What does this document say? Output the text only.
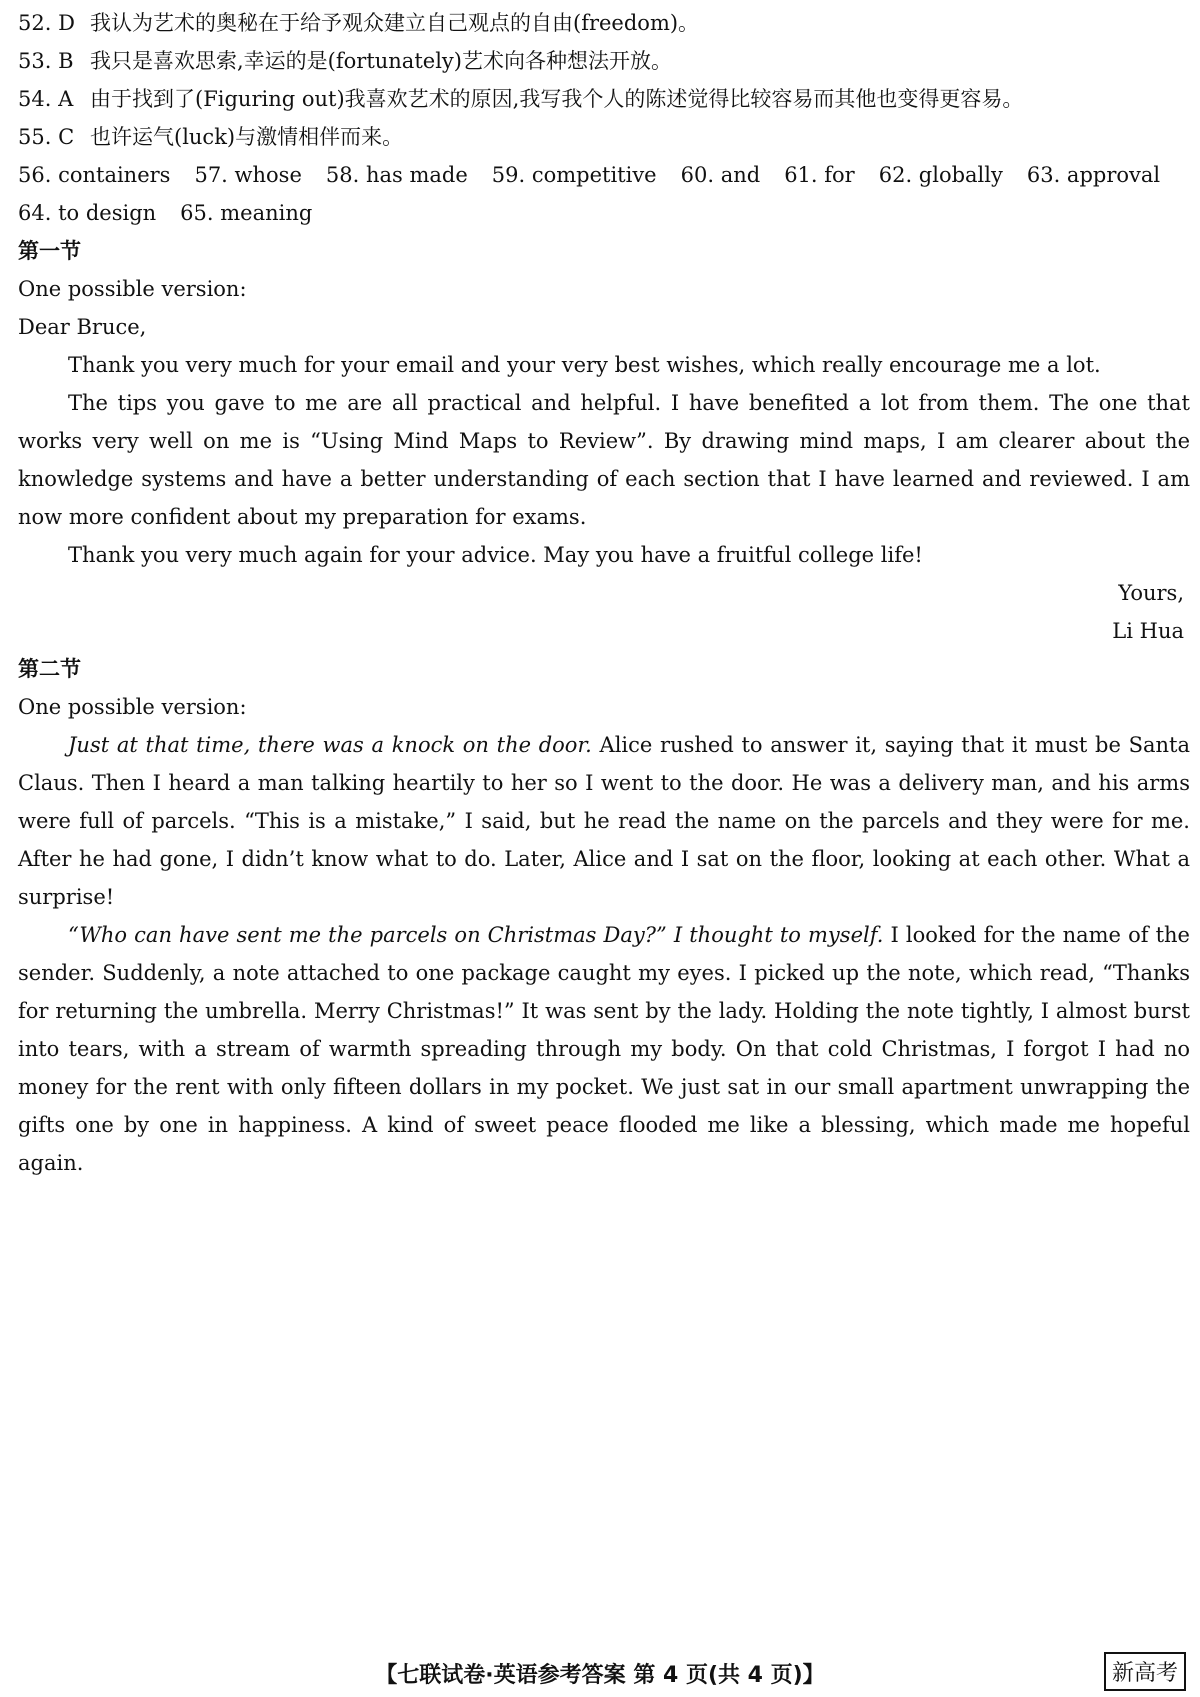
52. D 我认为艺术的奥秘在于给予观众建立自己观点的自由(freedom)。
53. B 我只是喜欢思索,幸运的是(fortunately)艺术向各种想法开放。
54. A 由于找到了(Figuring out)我喜欢艺术的原因,我写我个人的陈述觉得比较容易而其他也变得更容易。
55. C 也许运气(luck)与激情相伴而来。
56. containers 57. whose 58. has made 59. competitive 60. and 61. for 62. globally 63. approval
64. to design 65. meaning
第一节

One possible version:

Dear Bruce,

Thank you very much for your email and your very best wishes, which really encourage me a lot.

The tips you gave to me are all practical and helpful. I have benefited a lot from them. The one that works very well on me is “Using Mind Maps to Review”. By drawing mind maps, I am clearer about the knowledge systems and have a better understanding of each section that I have learned and reviewed. I am now more confident about my preparation for exams.

Thank you very much again for your advice. May you have a fruitful college life!

Yours,
Li Hua
第二节

One possible version:

Just at that time, there was a knock on the door. Alice rushed to answer it, saying that it must be Santa Claus. Then I heard a man talking heartily to her so I went to the door. He was a delivery man, and his arms were full of parcels. “This is a mistake,” I said, but he read the name on the parcels and they were for me. After he had gone, I didn’t know what to do. Later, Alice and I sat on the floor, looking at each other. What a surprise!

“Who can have sent me the parcels on Christmas Day?” I thought to myself. I looked for the name of the sender. Suddenly, a note attached to one package caught my eyes. I picked up the note, which read, “Thanks for returning the umbrella. Merry Christmas!” It was sent by the lady. Holding the note tightly, I almost burst into tears, with a stream of warmth spreading through my body. On that cold Christmas, I forgot I had no money for the rent with only fifteen dollars in my pocket. We just sat in our small apartment unwrapping the gifts one by one in happiness. A kind of sweet peace flooded me like a blessing, which made me hopeful again.

【七联试卷·英语参考答案 第 4 页(共 4 页)】	新高考
